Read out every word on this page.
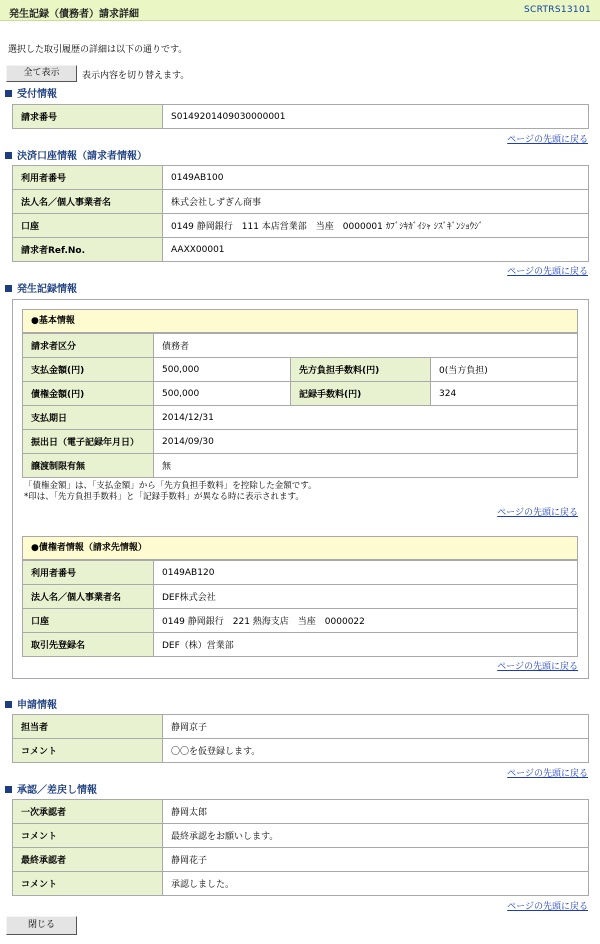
発生記録（債務者）請求詳細	SCRTRS13101
選択した取引履歴の詳細は以下の通りです。
全て表示	表示内容を切り替えます。
受付情報
請求番号	S0149201409030000001
ページの先頭に戻る
決済口座情報（請求者情報）
利用者番号	0149AB100
法人名／個人事業者名	株式会社しずぎん商事
口座	0149 静岡銀行　111 本店営業部　当座　0000001 ｶﾌﾞｼｷｶﾞｲｼｬ ｼｽﾞｷﾞﾝｼｮｳｼﾞ
請求者Ref.No.	AAXX00001
ページの先頭に戻る
発生記録情報
●基本情報
請求者区分	債務者		
支払金額(円)	500,000	先方負担手数料(円)	0(当方負担)
債権金額(円)	500,000	記録手数料(円)	324
支払期日	2014/12/31		
振出日（電子記録年月日）	2014/09/30		
譲渡制限有無	無		
「債権金額」は、「支払金額」から「先方負担手数料」を控除した金額です。
*印は、「先方負担手数料」と「記録手数料」が異なる時に表示されます。
ページの先頭に戻る
●債権者情報（請求先情報）
利用者番号	0149AB120
法人名／個人事業者名	DEF株式会社
口座	0149 静岡銀行　221 熱海支店　当座　0000022
取引先登録名	DEF（株）営業部
ページの先頭に戻る
申請情報
担当者	静岡京子
コメント	〇〇を仮登録します。
ページの先頭に戻る
承認／差戻し情報
一次承認者	静岡太郎
コメント	最終承認をお願いします。
最終承認者	静岡花子
コメント	承認しました。
ページの先頭に戻る
閉じる
